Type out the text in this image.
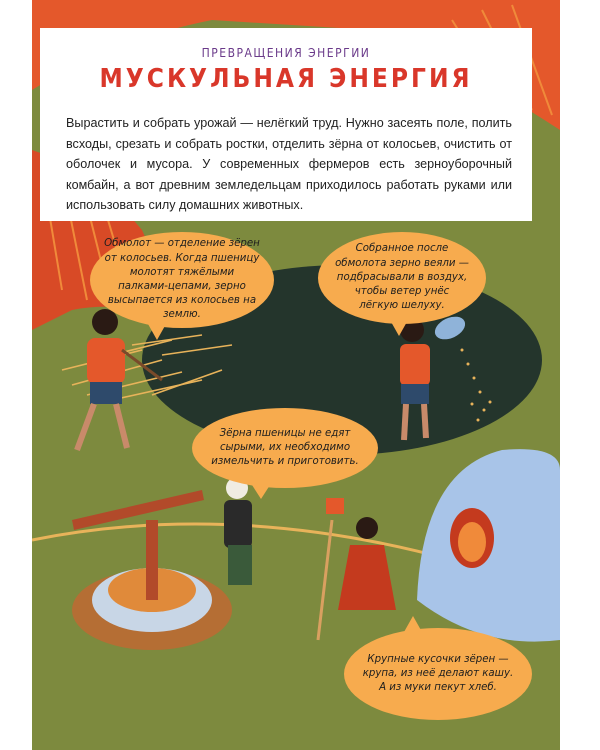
ПРЕВРАЩЕНИЯ ЭНЕРГИИ
МУСКУЛЬНАЯ ЭНЕРГИЯ

Вырастить и собрать урожай — нелёгкий труд. Нужно засеять поле, полить всходы, срезать и собрать ростки, отделить зёрна от колосьев, очистить от оболочек и мусора. У современных фермеров есть зерноуборочный комбайн, а вот древним земледельцам приходилось работать руками или использовать силу домашних животных.

Обмолот — отделение зёрен от колосьев. Когда пшеницу молотят тяжёлыми палками-цепами, зерно высыпается из колосьев на землю.
Собранное после обмолота зерно веяли — подбрасывали в воздух, чтобы ветер унёс лёгкую шелуху.
Зёрна пшеницы не едят сырыми, их необходимо измельчить и приготовить.
Крупные кусочки зёрен — крупа, из неё делают кашу. А из муки пекут хлеб.
